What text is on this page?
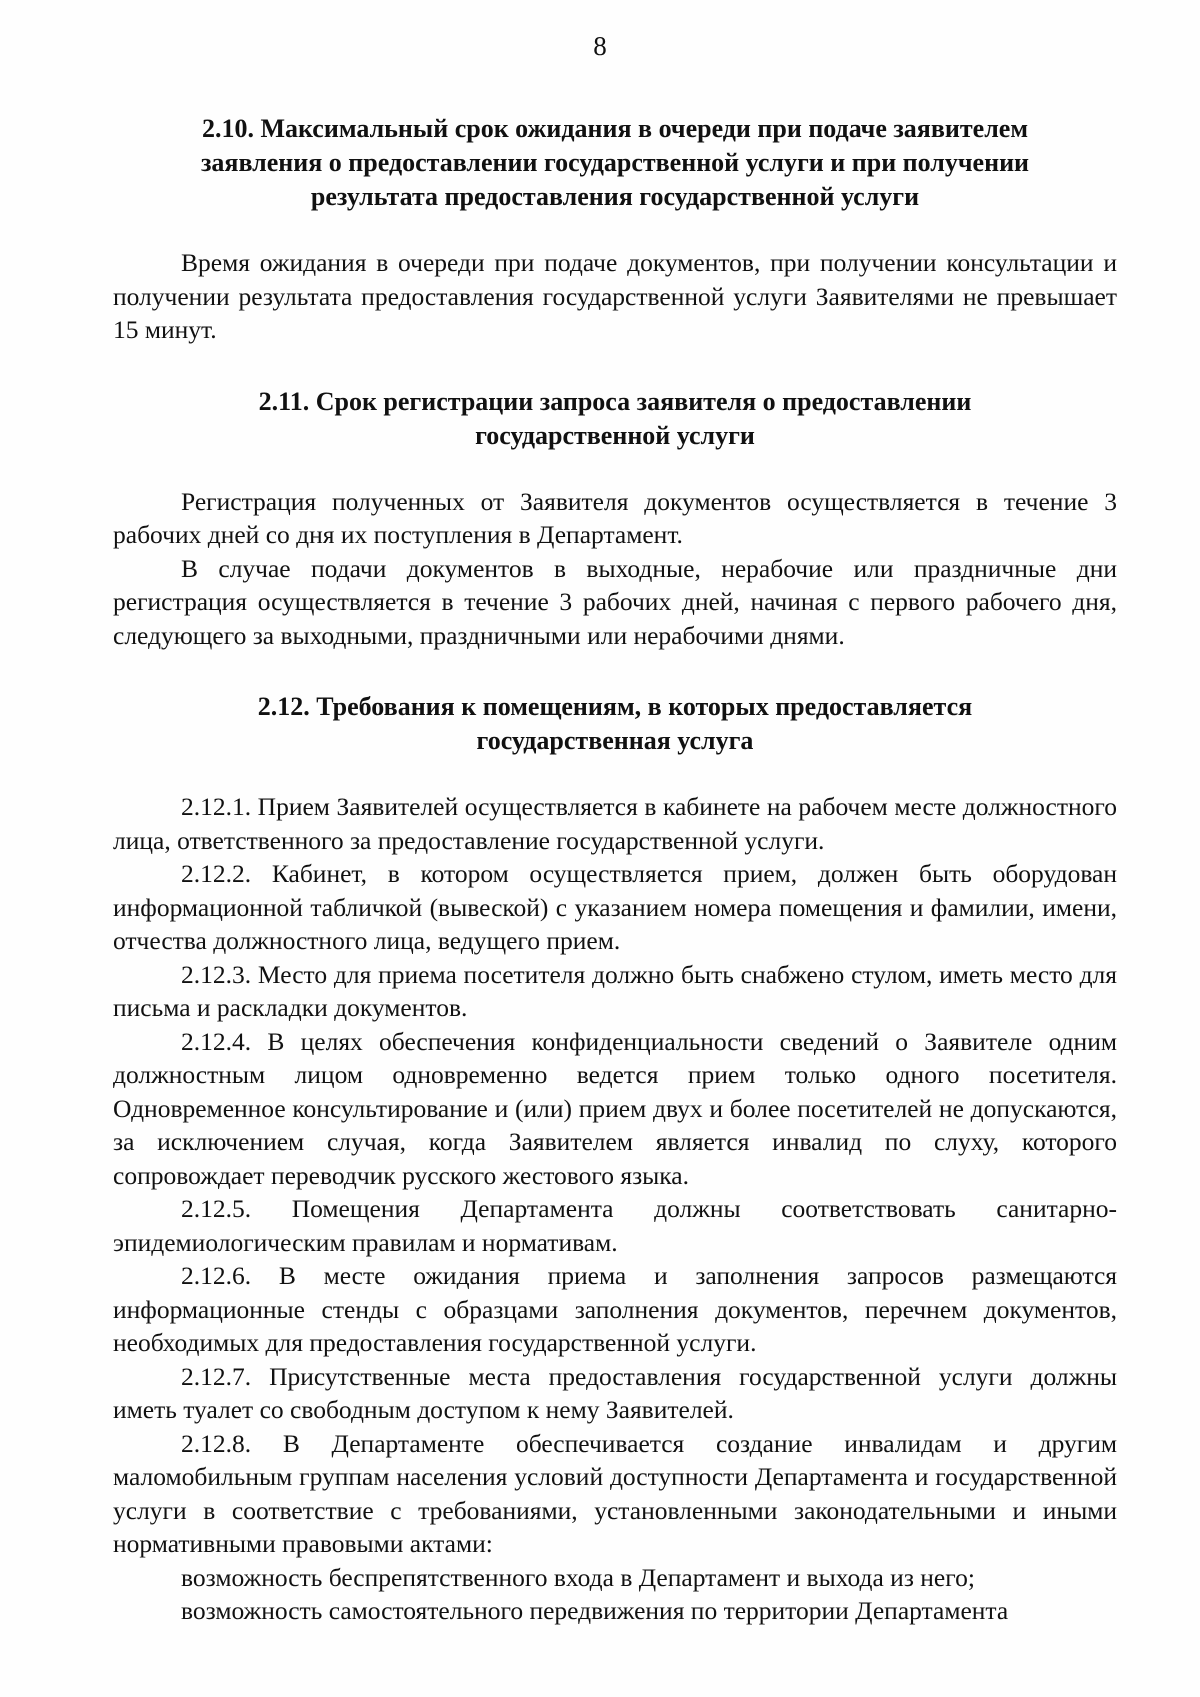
8
2.10. Максимальный срок ожидания в очереди при подаче заявителем заявления о предоставлении государственной услуги и при получении результата предоставления государственной услуги

Время ожидания в очереди при подаче документов, при получении консультации и получении результата предоставления государственной услуги Заявителями не превышает 15 минут.

2.11. Срок регистрации запроса заявителя о предоставлении государственной услуги

Регистрация полученных от Заявителя документов осуществляется в течение 3 рабочих дней со дня их поступления в Департамент.

В случае подачи документов в выходные, нерабочие или праздничные дни регистрация осуществляется в течение 3 рабочих дней, начиная с первого рабочего дня, следующего за выходными, праздничными или нерабочими днями.

2.12. Требования к помещениям, в которых предоставляется государственная услуга

2.12.1. Прием Заявителей осуществляется в кабинете на рабочем месте должностного лица, ответственного за предоставление государственной услуги.

2.12.2. Кабинет, в котором осуществляется прием, должен быть оборудован информационной табличкой (вывеской) с указанием номера помещения и фамилии, имени, отчества должностного лица, ведущего прием.

2.12.3. Место для приема посетителя должно быть снабжено стулом, иметь место для письма и раскладки документов.

2.12.4. В целях обеспечения конфиденциальности сведений о Заявителе одним должностным лицом одновременно ведется прием только одного посетителя. Одновременное консультирование и (или) прием двух и более посетителей не допускаются, за исключением случая, когда Заявителем является инвалид по слуху, которого сопровождает переводчик русского жестового языка.

2.12.5. Помещения Департамента должны соответствовать санитарно-эпидемиологическим правилам и нормативам.

2.12.6. В месте ожидания приема и заполнения запросов размещаются информационные стенды с образцами заполнения документов, перечнем документов, необходимых для предоставления государственной услуги.

2.12.7. Присутственные места предоставления государственной услуги должны иметь туалет со свободным доступом к нему Заявителей.

2.12.8. В Департаменте обеспечивается создание инвалидам и другим маломобильным группам населения условий доступности Департамента и государственной услуги в соответствие с требованиями, установленными законодательными и иными нормативными правовыми актами:

возможность беспрепятственного входа в Департамент и выхода из него;

возможность самостоятельного передвижения по территории Департамента
